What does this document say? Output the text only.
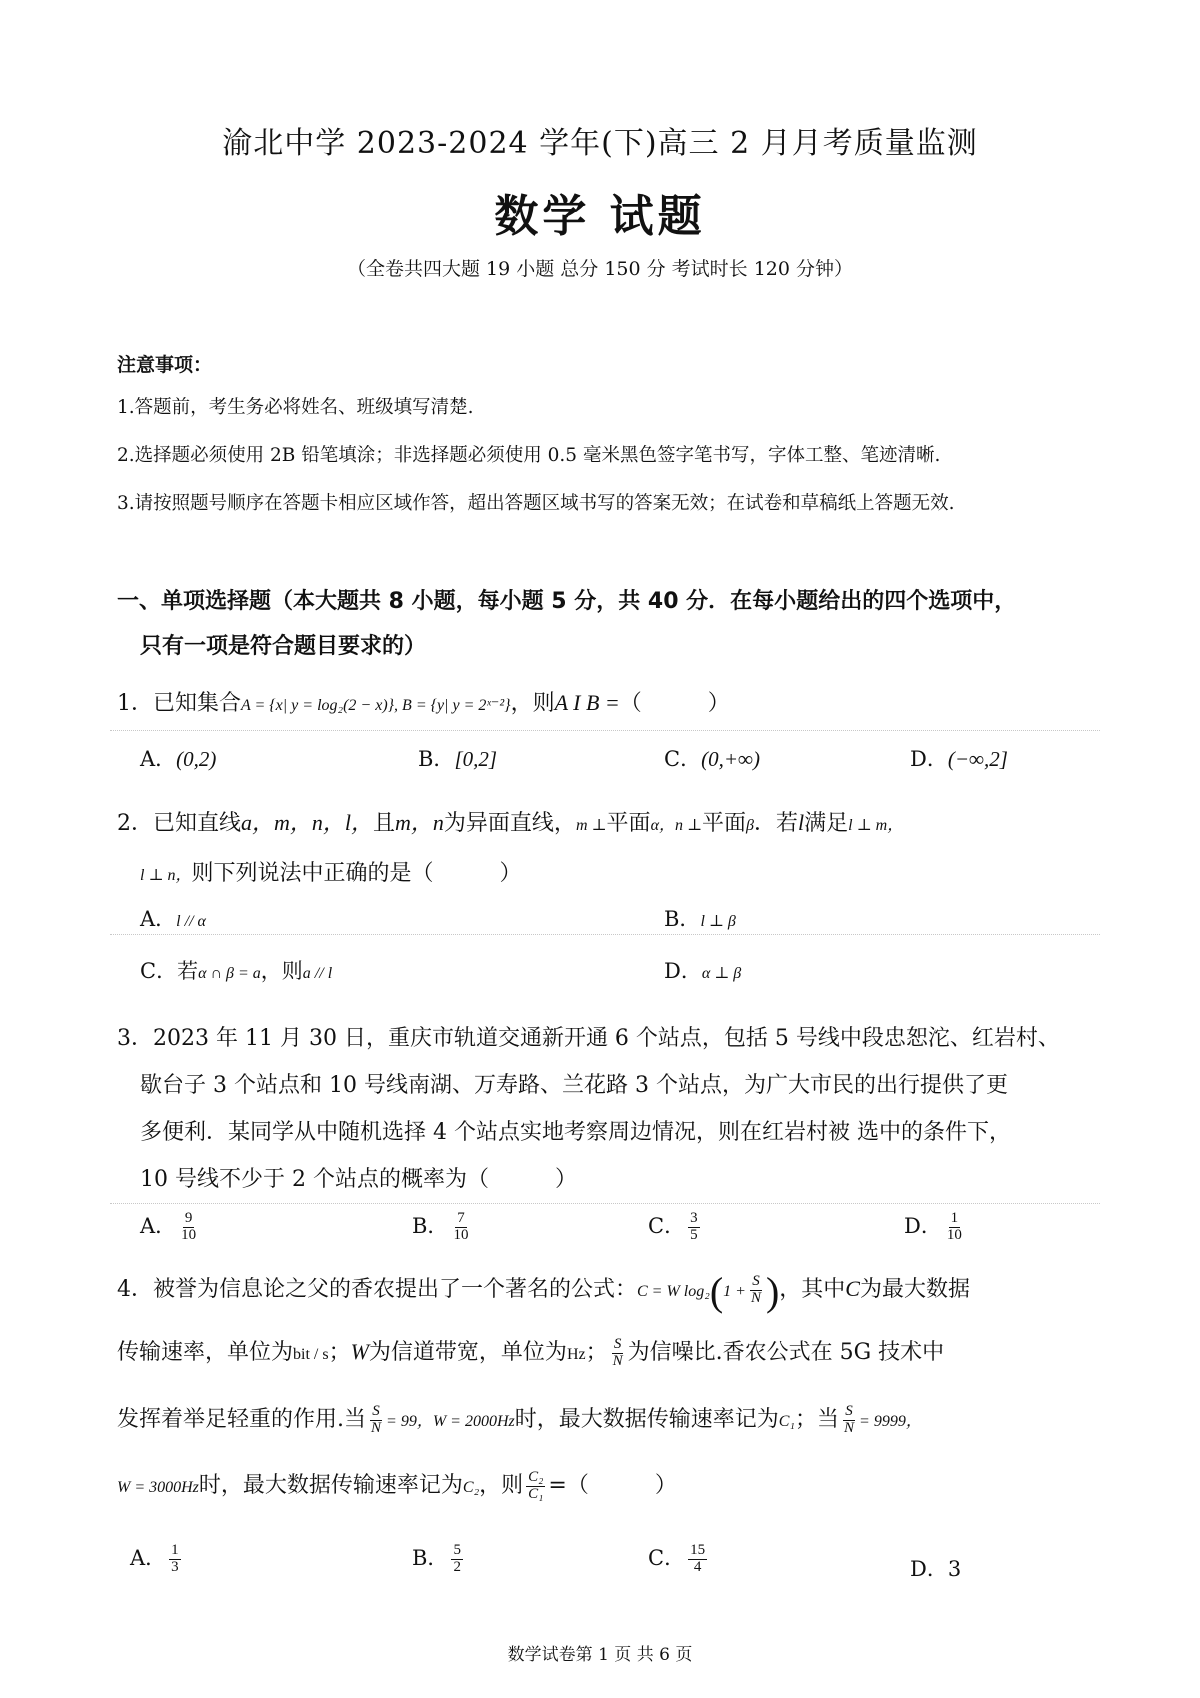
渝北中学 2023-2024 学年(下)高三 2 月月考质量监测
数学 试题
（全卷共四大题 19 小题 总分 150 分 考试时长 120 分钟）
注意事项：
1.答题前，考生务必将姓名、班级填写清楚.
2.选择题必须使用 2B 铅笔填涂；非选择题必须使用 0.5 毫米黑色签字笔书写，字体工整、笔迹清晰.
3.请按照题号顺序在答题卡相应区域作答，超出答题区域书写的答案无效；在试卷和草稿纸上答题无效.
一、单项选择题（本大题共 8 小题，每小题 5 分，共 40 分．在每小题给出的四个选项中，
只有一项是符合题目要求的）
1．已知集合A = {x| y = log₂(2 − x)}, B = {y| y = 2ˣ⁻²}，则A I B =（　　　）
A．(0,2)	B．[0,2]	C．(0,+∞)	D．(−∞,2]
2．已知直线a，m，n，l，且m，n为异面直线，m ⊥平面α，n ⊥平面β．若l满足l ⊥ m，
l ⊥ n，则下列说法中正确的是（　　　）
A．l // α	B．l ⊥ β
C．若α ∩ β = a，则a // l	D．α ⊥ β
3．2023 年 11 月 30 日，重庆市轨道交通新开通 6 个站点，包括 5 号线中段忠恕沱、红岩村、
歇台子 3 个站点和 10 号线南湖、万寿路、兰花路 3 个站点，为广大市民的出行提供了更
多便利．某同学从中随机选择 4 个站点实地考察周边情况，则在红岩村被 选中的条件下，
10 号线不少于 2 个站点的概率为（　　　）
A． $\frac{9}{10}$	B． $\frac{7}{10}$	C． $\frac{3}{5}$	D． $\frac{1}{10}$
4．被誉为信息论之父的香农提出了一个著名的公式：C = W $\log_2(1 + \frac{S}{N}$ )，其中C为最大数据
传输速率，单位为bit / s；W为信道带宽，单位为Hz； $\frac{S}{N}$ 为信噪比.香农公式在 5G 技术中
发挥着举足轻重的作用.当 $\frac{S}{N} = 99$，W = 2000Hz时，最大数据传输速率记为C₁；当 $\frac{S}{N} = 9999$，
W = 3000Hz时，最大数据传输速率记为C₂，则 $\frac{\text{C₂}}{\text{C₁}}$ =（　　　）
A． $\frac{1}{3}$	B． $\frac{5}{2}$	C． $\frac{15}{4}$	D．3
数学试卷第 1 页 共 6 页
